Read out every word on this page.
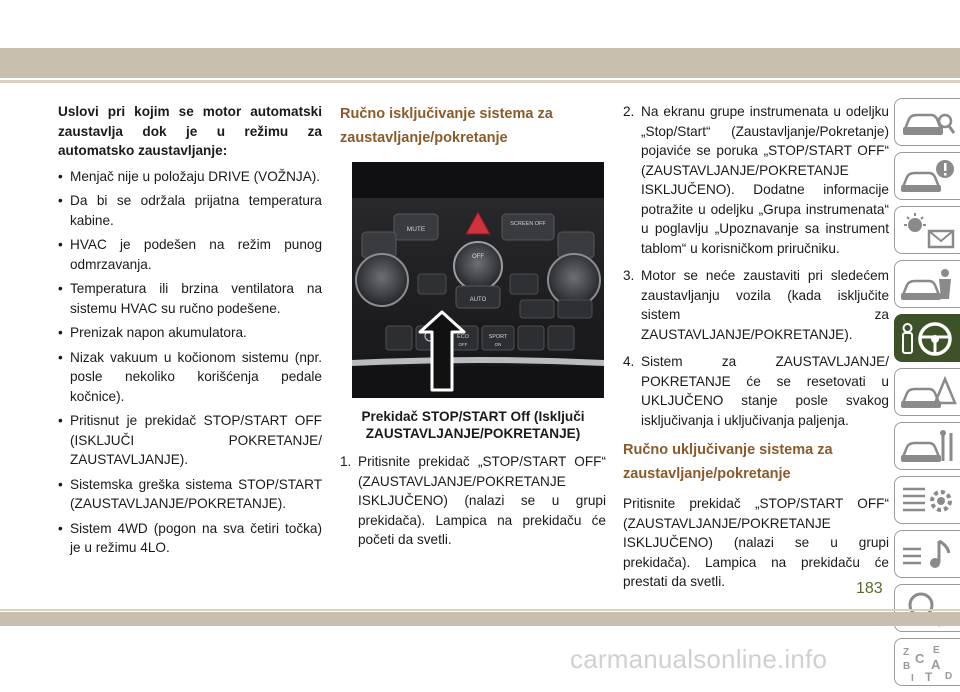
Uslovi pri kojim se motor automatski zaustavlja dok je u režimu za automatsko zaustavljanje:

• Menjač nije u položaju DRIVE (VOŽNJA).
• Da bi se održala prijatna temperatura kabine.
• HVAC je podešen na režim punog odmrzavanja.
• Temperatura ili brzina ventilatora na sistemu HVAC su ručno podešene.
• Prenizak napon akumulatora.
• Nizak vakuum u kočionom sistemu (npr. posle nekoliko korišćenja pedale kočnice).
• Pritisnut je prekidač STOP/START OFF (ISKLJUČI POKRETANJE/ ZAUSTAVLJANJE).
• Sistemska greška sistema STOP/START (ZAUSTAVLJANJE/POKRETANJE).
• Sistem 4WD (pogon na sva četiri točka) je u režimu 4LO.
Ručno isključivanje sistema za zaustavljanje/pokretanje
MUTE
SCREEN OFF
OFF
AUTO
ECO
OFF
SPORT
ON
Prekidač STOP/START Off (Isključi ZAUSTAVLJANJE/POKRETANJE)
1. Pritisnite prekidač „STOP/START OFF“ (ZAUSTAVLJANJE/POKRETANJE ISKLJUČENO) (nalazi se u grupi prekidača). Lampica na prekidaču će početi da svetli.
2. Na ekranu grupe instrumenata u odeljku „Stop/Start“ (Zaustavljanje/Pokretanje) pojaviće se poruka „STOP/START OFF“ (ZAUSTAVLJANJE/POKRETANJE ISKLJUČENO). Dodatne informacije potražite u odeljku „Grupa instrumenata“ u poglavlju „Upoznavanje sa instrument tablom“ u korisničkom priručniku.
3. Motor se neće zaustaviti pri sledećem zaustavljanju vozila (kada isključite sistem za ZAUSTAVLJANJE/POKRETANJE).
4. Sistem za ZAUSTAVLJANJE/ POKRETANJE će se resetovati u UKLJUČENO stanje posle svakog isključivanja i uključivanja paljenja.
Ručno uključivanje sistema za zaustavljanje/pokretanje

Pritisnite prekidač „STOP/START OFF“ (ZAUSTAVLJANJE/POKRETANJE ISKLJUČENO) (nalazi se u grupi prekidača). Lampica na prekidaču će prestati da svetli.

Z E
B A
C
D
I T
183
carmanualsonline.info
